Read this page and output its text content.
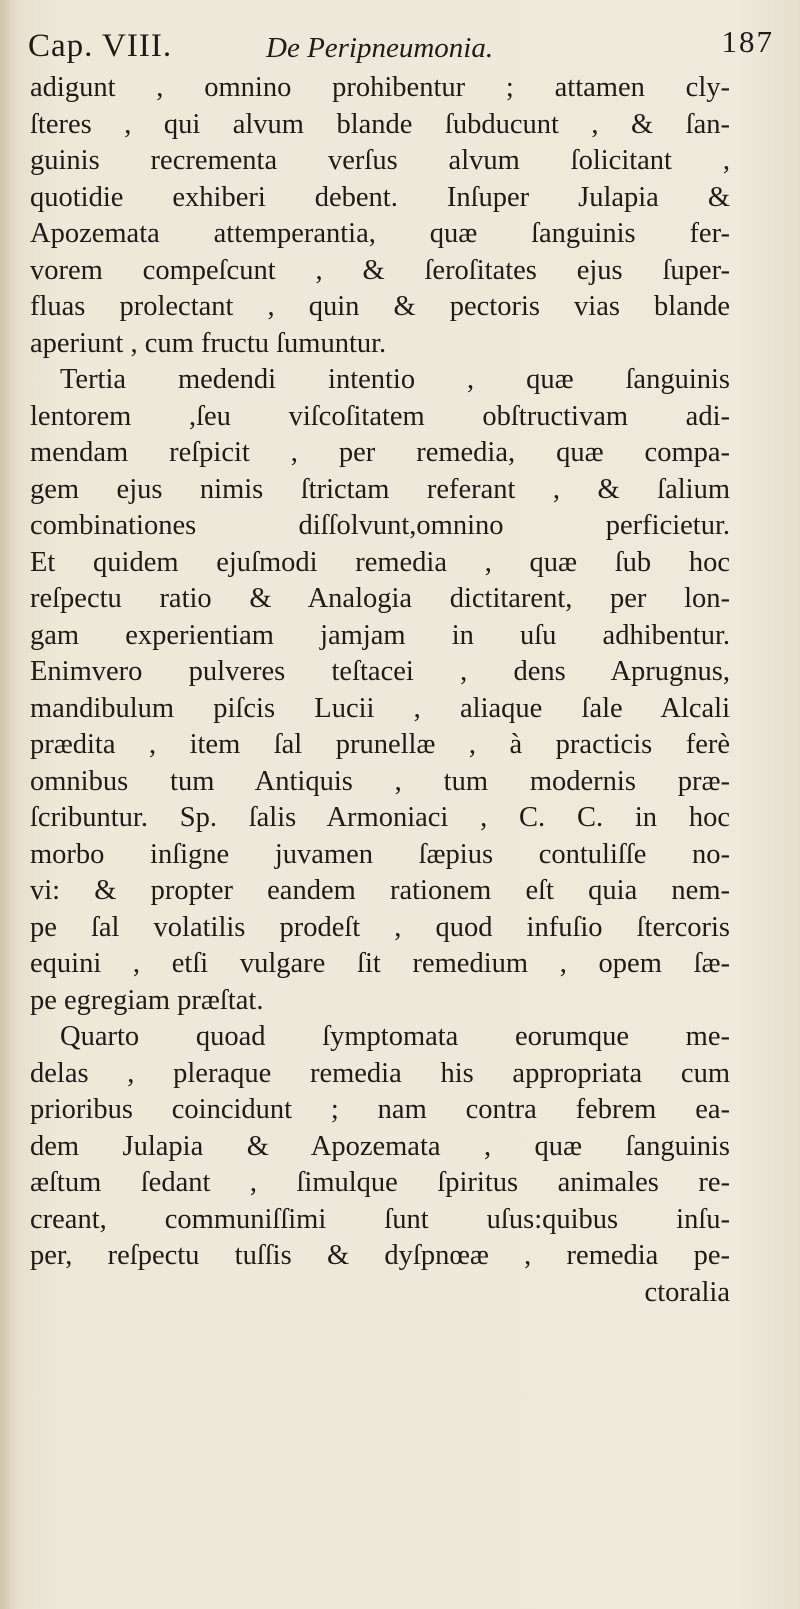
Cap. VIII.	De Peripneumonia.	187
adigunt , omnino prohibentur ; attamen cly-
ſteres , qui alvum blande ſubducunt , & ſan-
guinis recrementa verſus alvum ſolicitant ,
quotidie exhiberi debent. Inſuper Julapia &
Apozemata attemperantia, quæ ſanguinis fer-
vorem compeſcunt , & ſeroſitates ejus ſuper-
fluas prolectant , quin & pectoris vias blande
aperiunt , cum fructu ſumuntur.
Tertia medendi intentio , quæ ſanguinis
lentorem ,ſeu viſcoſitatem obſtructivam adi-
mendam reſpicit , per remedia, quæ compa-
gem ejus nimis ſtrictam referant , & ſalium
combinationes diſſolvunt,omnino perficietur.
Et quidem ejuſmodi remedia , quæ ſub hoc
reſpectu ratio & Analogia dictitarent, per lon-
gam experientiam jamjam in uſu adhibentur.
Enimvero pulveres teſtacei , dens Aprugnus,
mandibulum piſcis Lucii , aliaque ſale Alcali
prædita , item ſal prunellæ , à practicis ferè
omnibus tum Antiquis , tum modernis præ-
ſcribuntur. Sp. ſalis Armoniaci , C. C. in hoc
morbo inſigne juvamen ſæpius contuliſſe no-
vi: & propter eandem rationem eſt quia nem-
pe ſal volatilis prodeſt , quod infuſio ſtercoris
equini , etſi vulgare ſit remedium , opem ſæ-
pe egregiam præſtat.
Quarto quoad ſymptomata eorumque me-
delas , pleraque remedia his appropriata cum
prioribus coincidunt ; nam contra febrem ea-
dem Julapia & Apozemata , quæ ſanguinis
æſtum ſedant , ſimulque ſpiritus animales re-
creant, communiſſimi ſunt uſus:quibus inſu-
per, reſpectu tuſſis & dyſpnœæ , remedia pe-
ctoralia
